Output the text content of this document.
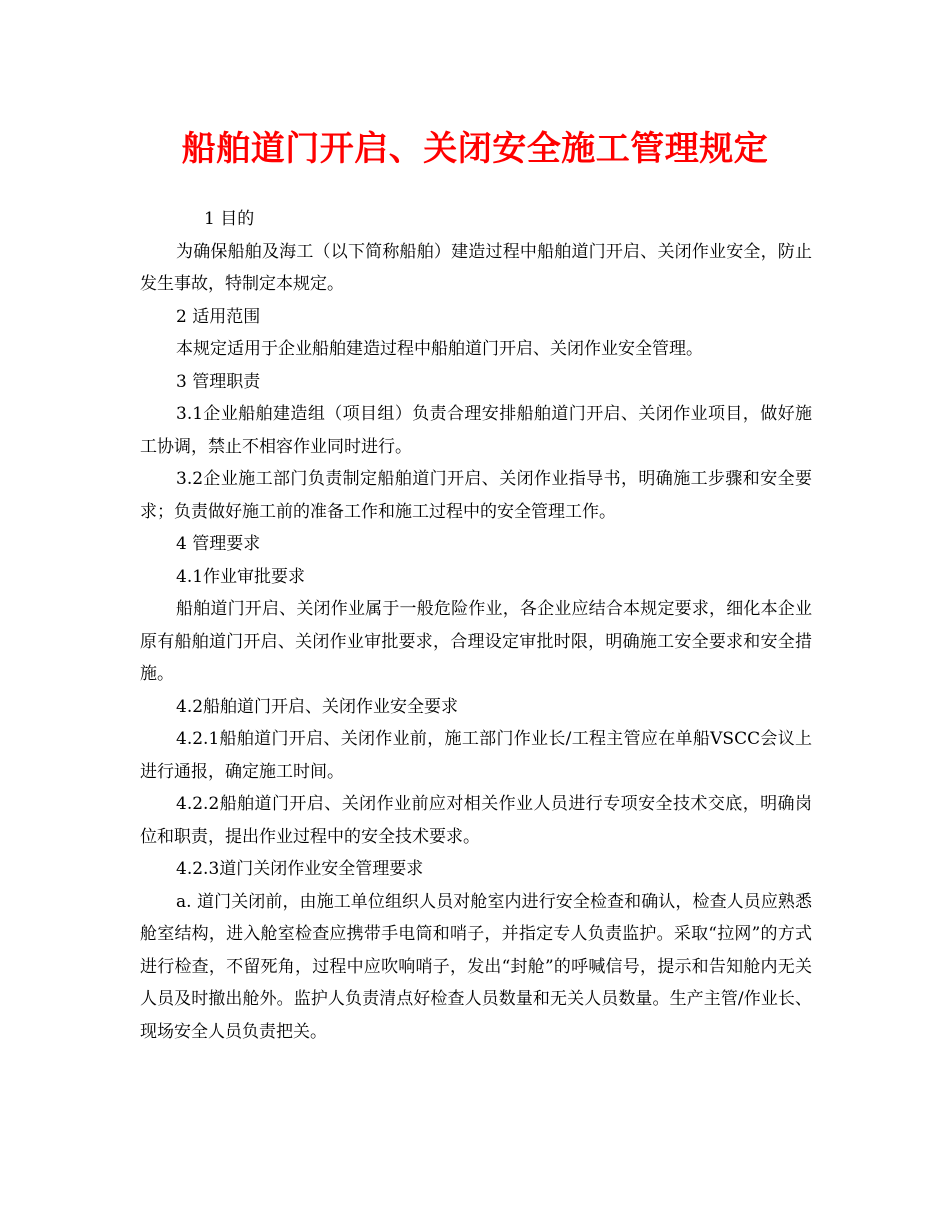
船舶道门开启、关闭安全施工管理规定

1 目的

为确保船舶及海工（以下简称船舶）建造过程中船舶道门开启、关闭作业安全，防止发生事故，特制定本规定。

2 适用范围

本规定适用于企业船舶建造过程中船舶道门开启、关闭作业安全管理。

3 管理职责

3.1企业船舶建造组（项目组）负责合理安排船舶道门开启、关闭作业项目，做好施工协调，禁止不相容作业同时进行。

3.2企业施工部门负责制定船舶道门开启、关闭作业指导书，明确施工步骤和安全要求；负责做好施工前的准备工作和施工过程中的安全管理工作。

4 管理要求

4.1作业审批要求

船舶道门开启、关闭作业属于一般危险作业，各企业应结合本规定要求，细化本企业原有船舶道门开启、关闭作业审批要求，合理设定审批时限，明确施工安全要求和安全措施。

4.2船舶道门开启、关闭作业安全要求

4.2.1船舶道门开启、关闭作业前，施工部门作业长/工程主管应在单船VSCC会议上进行通报，确定施工时间。

4.2.2船舶道门开启、关闭作业前应对相关作业人员进行专项安全技术交底，明确岗位和职责，提出作业过程中的安全技术要求。

4.2.3道门关闭作业安全管理要求

a. 道门关闭前，由施工单位组织人员对舱室内进行安全检查和确认，检查人员应熟悉舱室结构，进入舱室检查应携带手电筒和哨子，并指定专人负责监护。采取“拉网”的方式进行检查，不留死角，过程中应吹响哨子，发出“封舱”的呼喊信号，提示和告知舱内无关人员及时撤出舱外。监护人负责清点好检查人员数量和无关人员数量。生产主管/作业长、现场安全人员负责把关。
